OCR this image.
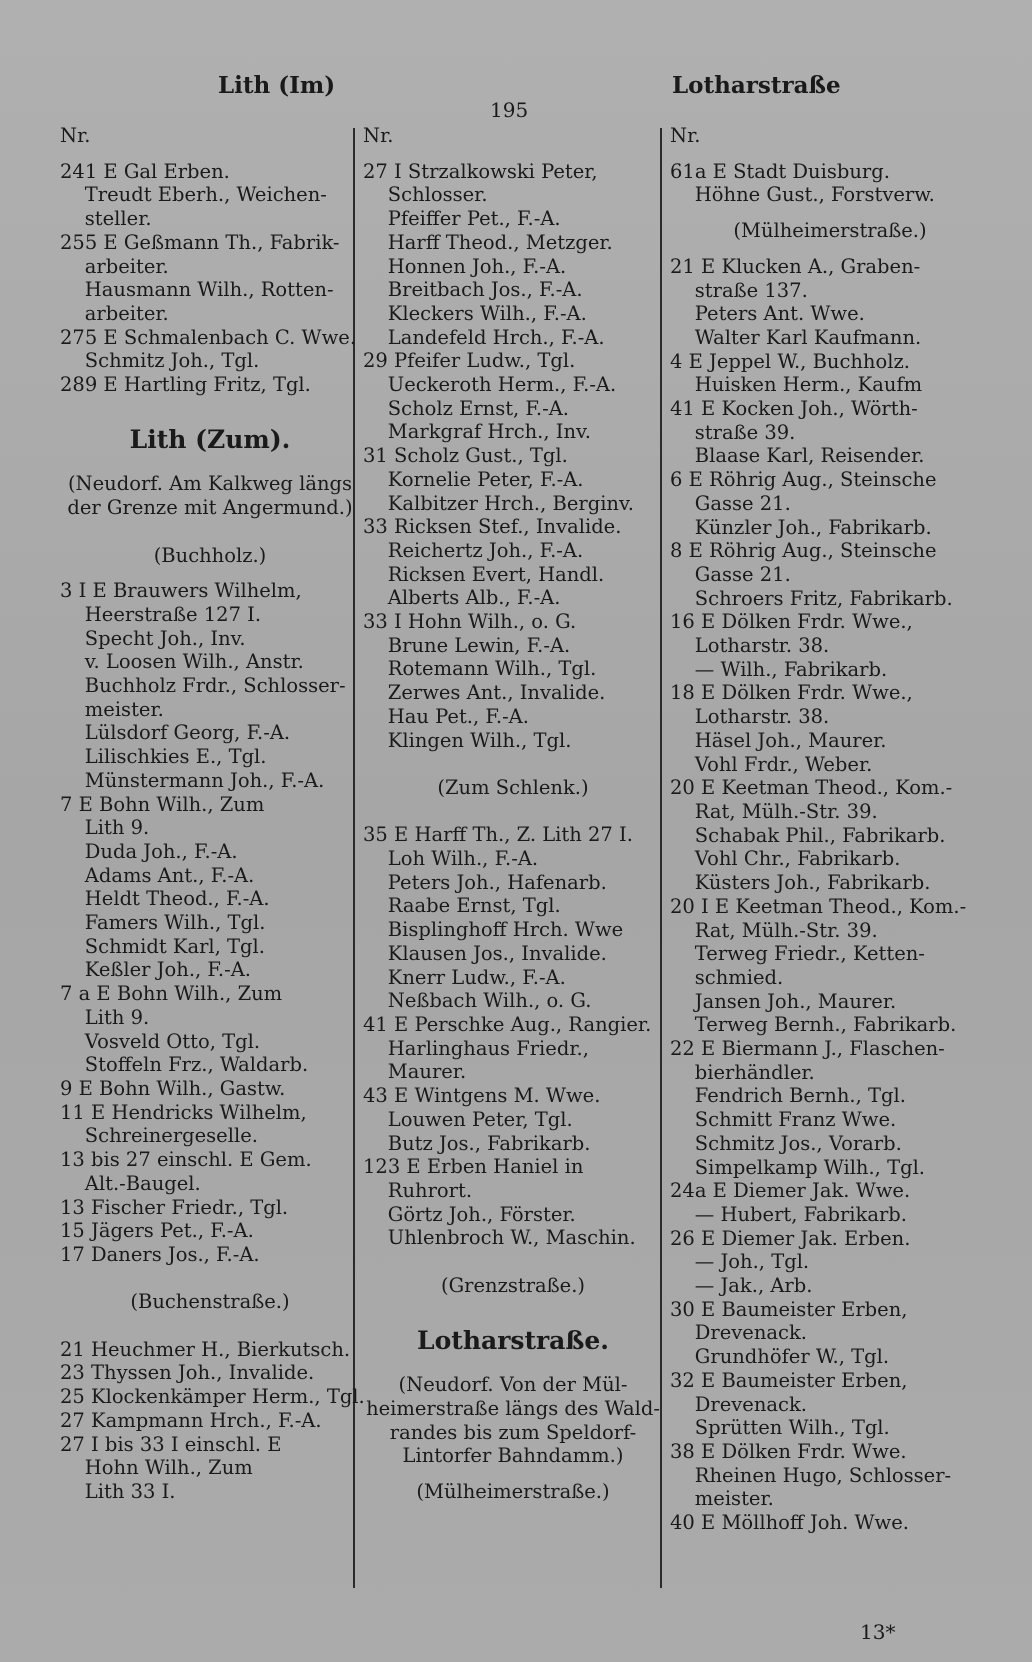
Lith (Im)
195
Lotharstraße
Nr.
241 E Gal Erben.
Treudt Eberh., Weichen-
steller.
255 E Geßmann Th., Fabrik-
arbeiter.
Hausmann Wilh., Rotten-
arbeiter.
275 E Schmalenbach C. Wwe.
Schmitz Joh., Tgl.
289 E Hartling Fritz, Tgl.
Lith (Zum).
(Neudorf. Am Kalkweg längs
der Grenze mit Angermund.)
(Buchholz.)
3 I E Brauwers Wilhelm,
Heerstraße 127 I.
Specht Joh., Inv.
v. Loosen Wilh., Anstr.
Buchholz Frdr., Schlosser-
meister.
Lülsdorf Georg, F.-A.
Lilischkies E., Tgl.
Münstermann Joh., F.-A.
7 E Bohn Wilh., Zum
Lith 9.
Duda Joh., F.-A.
Adams Ant., F.-A.
Heldt Theod., F.-A.
Famers Wilh., Tgl.
Schmidt Karl, Tgl.
Keßler Joh., F.-A.
7 a E Bohn Wilh., Zum
Lith 9.
Vosveld Otto, Tgl.
Stoffeln Frz., Waldarb.
9 E Bohn Wilh., Gastw.
11 E Hendricks Wilhelm,
Schreinergeselle.
13 bis 27 einschl. E Gem.
Alt.-Baugel.
13 Fischer Friedr., Tgl.
15 Jägers Pet., F.-A.
17 Daners Jos., F.-A.
(Buchenstraße.)
21 Heuchmer H., Bierkutsch.
23 Thyssen Joh., Invalide.
25 Klockenkämper Herm., Tgl.
27 Kampmann Hrch., F.-A.
27 I bis 33 I einschl. E
Hohn Wilh., Zum
Lith 33 I.
Nr.
27 I Strzalkowski Peter,
Schlosser.
Pfeiffer Pet., F.-A.
Harff Theod., Metzger.
Honnen Joh., F.-A.
Breitbach Jos., F.-A.
Kleckers Wilh., F.-A.
Landefeld Hrch., F.-A.
29 Pfeifer Ludw., Tgl.
Ueckeroth Herm., F.-A.
Scholz Ernst, F.-A.
Markgraf Hrch., Inv.
31 Scholz Gust., Tgl.
Kornelie Peter, F.-A.
Kalbitzer Hrch., Berginv.
33 Ricksen Stef., Invalide.
Reichertz Joh., F.-A.
Ricksen Evert, Handl.
Alberts Alb., F.-A.
33 I Hohn Wilh., o. G.
Brune Lewin, F.-A.
Rotemann Wilh., Tgl.
Zerwes Ant., Invalide.
Hau Pet., F.-A.
Klingen Wilh., Tgl.
(Zum Schlenk.)
35 E Harff Th., Z. Lith 27 I.
Loh Wilh., F.-A.
Peters Joh., Hafenarb.
Raabe Ernst, Tgl.
Bisplinghoff Hrch. Wwe
Klausen Jos., Invalide.
Knerr Ludw., F.-A.
Neßbach Wilh., o. G.
41 E Perschke Aug., Rangier.
Harlinghaus Friedr.,
Maurer.
43 E Wintgens M. Wwe.
Louwen Peter, Tgl.
Butz Jos., Fabrikarb.
123 E Erben Haniel in
Ruhrort.
Görtz Joh., Förster.
Uhlenbroch W., Maschin.
(Grenzstraße.)
Lotharstraße.
(Neudorf. Von der Mül-
heimerstraße längs des Wald-
randes bis zum Speldorf-
Lintorfer Bahndamm.)
(Mülheimerstraße.)
Nr.
61a E Stadt Duisburg.
Höhne Gust., Forstverw.
(Mülheimerstraße.)
21 E Klucken A., Graben-
straße 137.
Peters Ant. Wwe.
Walter Karl Kaufmann.
4 E Jeppel W., Buchholz.
Huisken Herm., Kaufm
41 E Kocken Joh., Wörth-
straße 39.
Blaase Karl, Reisender.
6 E Röhrig Aug., Steinsche
Gasse 21.
Künzler Joh., Fabrikarb.
8 E Röhrig Aug., Steinsche
Gasse 21.
Schroers Fritz, Fabrikarb.
16 E Dölken Frdr. Wwe.,
Lotharstr. 38.
— Wilh., Fabrikarb.
18 E Dölken Frdr. Wwe.,
Lotharstr. 38.
Häsel Joh., Maurer.
Vohl Frdr., Weber.
20 E Keetman Theod., Kom.-
Rat, Mülh.-Str. 39.
Schabak Phil., Fabrikarb.
Vohl Chr., Fabrikarb.
Küsters Joh., Fabrikarb.
20 I E Keetman Theod., Kom.-
Rat, Mülh.-Str. 39.
Terweg Friedr., Ketten-
schmied.
Jansen Joh., Maurer.
Terweg Bernh., Fabrikarb.
22 E Biermann J., Flaschen-
bierhändler.
Fendrich Bernh., Tgl.
Schmitt Franz Wwe.
Schmitz Jos., Vorarb.
Simpelkamp Wilh., Tgl.
24a E Diemer Jak. Wwe.
— Hubert, Fabrikarb.
26 E Diemer Jak. Erben.
— Joh., Tgl.
— Jak., Arb.
30 E Baumeister Erben,
Drevenack.
Grundhöfer W., Tgl.
32 E Baumeister Erben,
Drevenack.
Sprütten Wilh., Tgl.
38 E Dölken Frdr. Wwe.
Rheinen Hugo, Schlosser-
meister.
40 E Möllhoff Joh. Wwe.
13*
